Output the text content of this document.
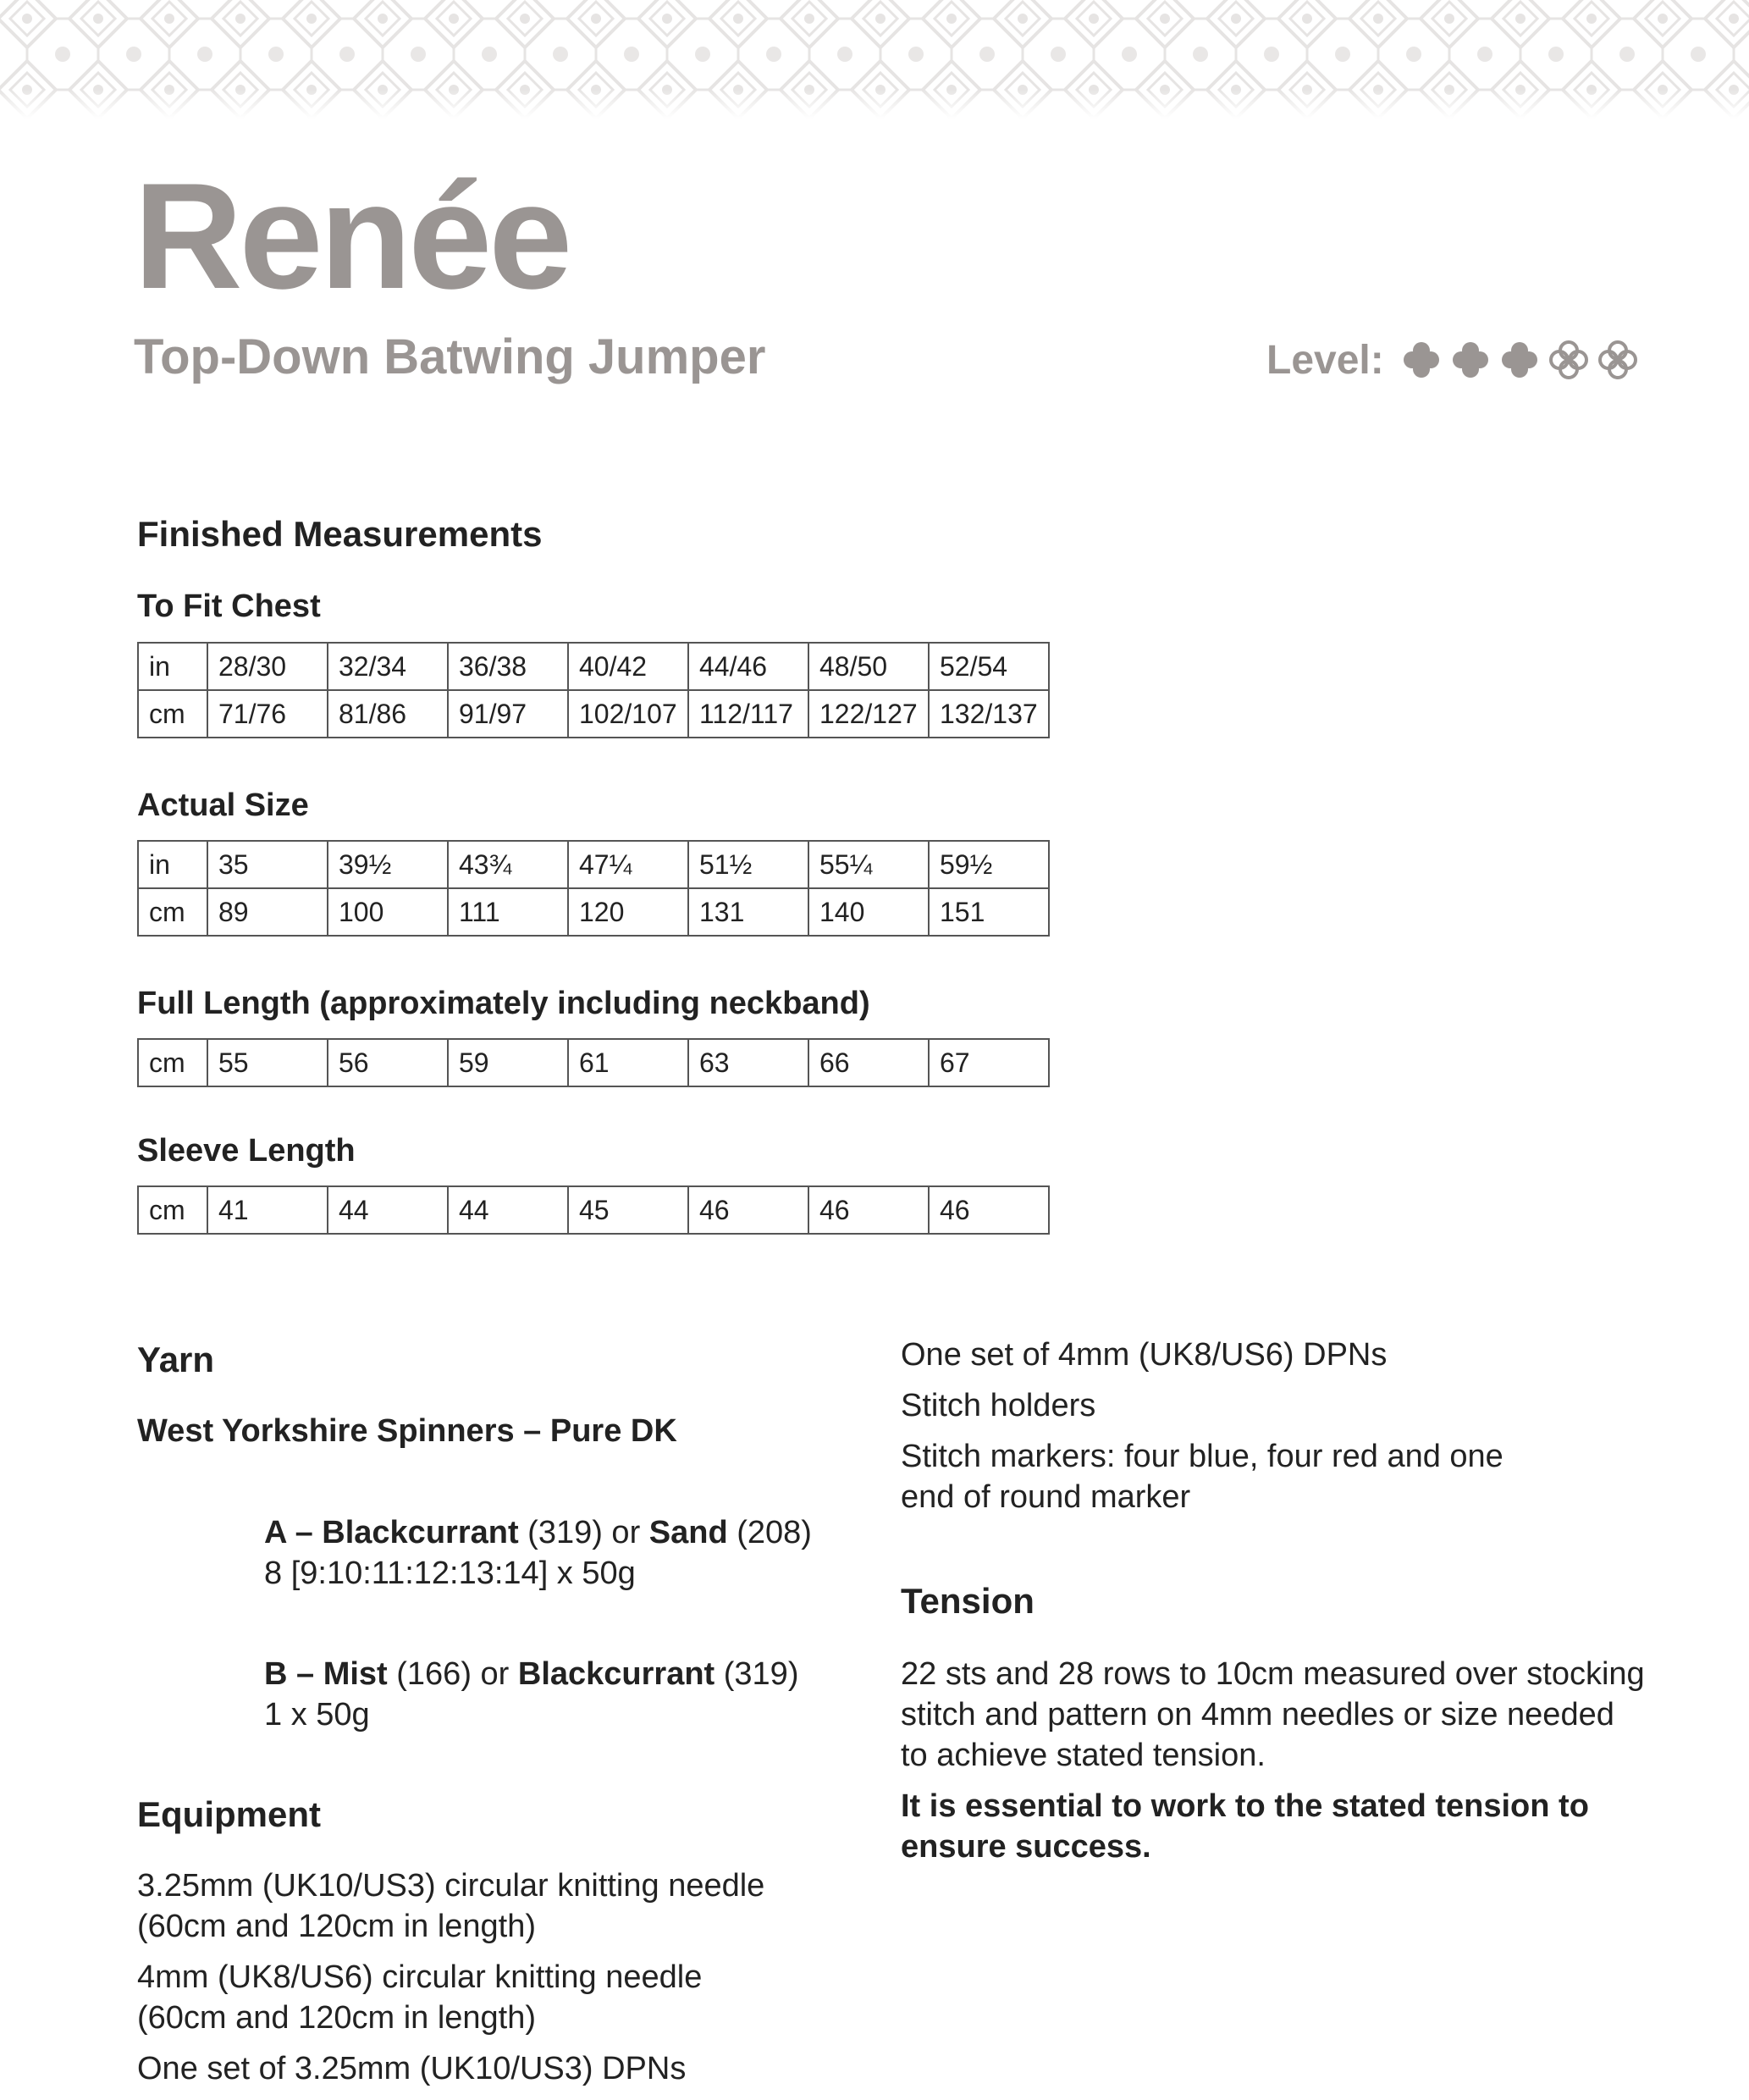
Renée
Top-Down Batwing Jumper	Level:
Finished Measurements
To Fit Chest
in	28/30	32/34	36/38	40/42	44/46	48/50	52/54
cm	71/76	81/86	91/97	102/107	112/117	122/127	132/137
Actual Size
in	35	39½	43¾	47¼	51½	55¼	59½
cm	89	100	111	120	131	140	151
Full Length (approximately including neckband)
cm	55	56	59	61	63	66	67
Sleeve Length
cm	41	44	44	45	46	46	46
Yarn
West Yorkshire Spinners – Pure DK
A – Blackcurrant (319) or Sand (208)
8 [9:10:11:12:13:14] x 50g
B – Mist (166) or Blackcurrant (319)
1 x 50g
Equipment
3.25mm (UK10/US3) circular knitting needle
(60cm and 120cm in length)
4mm (UK8/US6) circular knitting needle
(60cm and 120cm in length)
One set of 3.25mm (UK10/US3) DPNs
One set of 4mm (UK8/US6) DPNs
Stitch holders
Stitch markers: four blue, four red and one
end of round marker
Tension
22 sts and 28 rows to 10cm measured over stocking
stitch and pattern on 4mm needles or size needed
to achieve stated tension.
It is essential to work to the stated tension to
ensure success.
